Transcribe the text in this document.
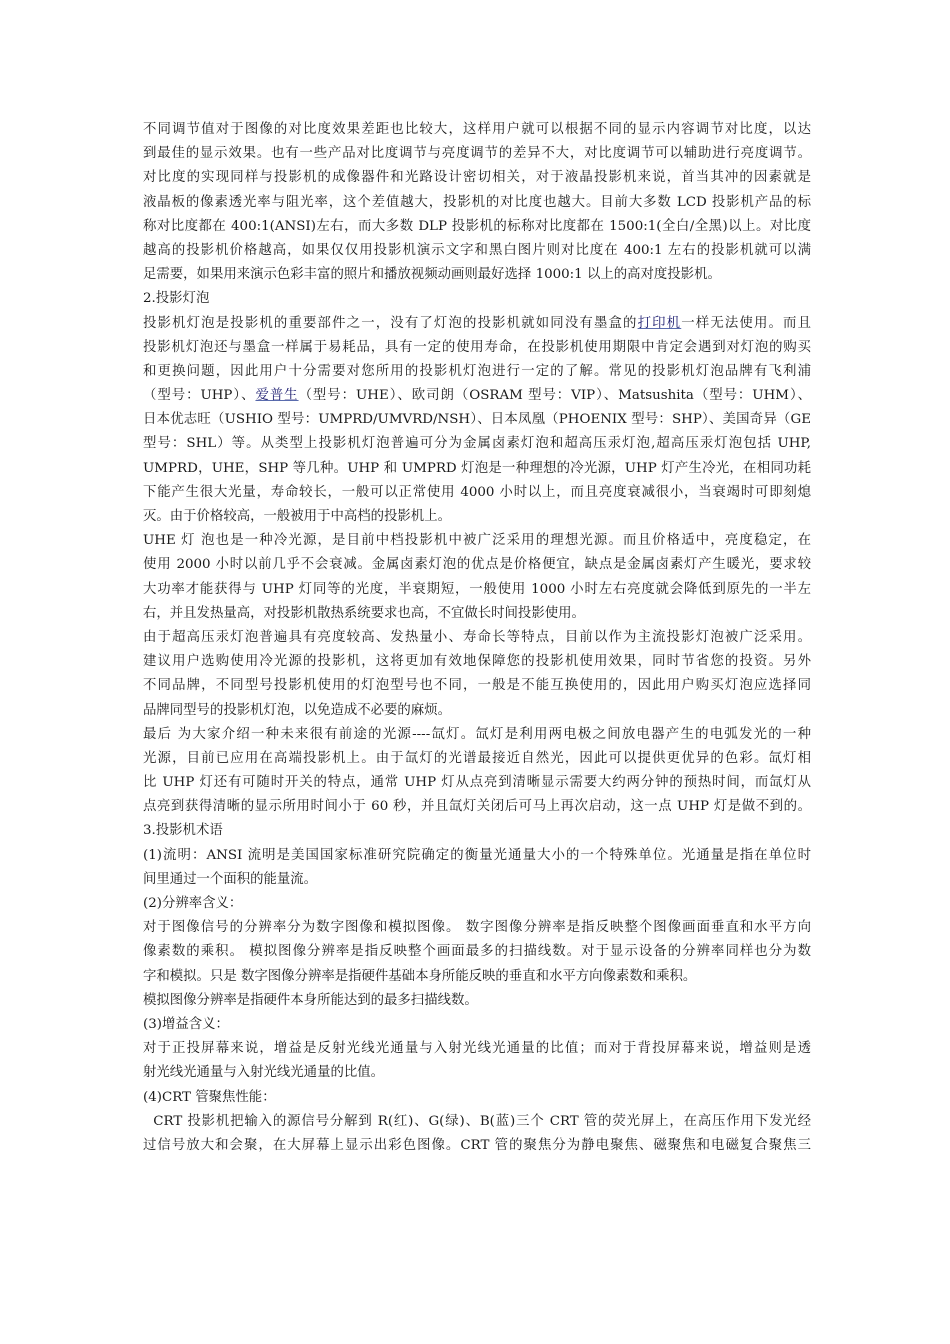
不同调节值对于图像的对比度效果差距也比较大，这样用户就可以根据不同的显示内容调节对比度，以达
到最佳的显示效果。也有一些产品对比度调节与亮度调节的差异不大，对比度调节可以辅助进行亮度调节。
对比度的实现同样与投影机的成像器件和光路设计密切相关，对于液晶投影机来说，首当其冲的因素就是
液晶板的像素透光率与阻光率，这个差值越大，投影机的对比度也越大。目前大多数 LCD 投影机产品的标
称对比度都在 400:1(ANSI)左右，而大多数 DLP 投影机的标称对比度都在 1500:1(全白/全黑)以上。对比度
越高的投影机价格越高，如果仅仅用投影机演示文字和黑白图片则对比度在 400:1 左右的投影机就可以满
足需要，如果用来演示色彩丰富的照片和播放视频动画则最好选择 1000:1 以上的高对度投影机。
2.投影灯泡
投影机灯泡是投影机的重要部件之一，没有了灯泡的投影机就如同没有墨盒的打印机一样无法使用。而且
投影机灯泡还与墨盒一样属于易耗品，具有一定的使用寿命，在投影机使用期限中肯定会遇到对灯泡的购买
和更换问题，因此用户十分需要对您所用的投影机灯泡进行一定的了解。常见的投影机灯泡品牌有飞利浦
（型号：UHP）、爱普生（型号：UHE）、欧司朗（OSRAM 型号：VIP）、Matsushita（型号：UHM）、
日本优志旺（USHIO 型号：UMPRD/UMVRD/NSH）、日本凤凰（PHOENIX 型号：SHP）、美国奇异（GE
型号：SHL）等。从类型上投影机灯泡普遍可分为金属卤素灯泡和超高压汞灯泡,超高压汞灯泡包括 UHP,
UMPRD，UHE，SHP 等几种。UHP 和 UMPRD 灯泡是一种理想的冷光源，UHP 灯产生冷光，在相同功耗
下能产生很大光量，寿命较长，一般可以正常使用 4000 小时以上，而且亮度衰减很小，当衰竭时可即刻熄
灭。由于价格较高，一般被用于中高档的投影机上。
UHE 灯 泡也是一种冷光源，是目前中档投影机中被广泛采用的理想光源。而且价格适中，亮度稳定，在
使用 2000 小时以前几乎不会衰减。金属卤素灯泡的优点是价格便宜，缺点是金属卤素灯产生暖光，要求较
大功率才能获得与 UHP 灯同等的光度，半衰期短，一般使用 1000 小时左右亮度就会降低到原先的一半左
右，并且发热量高，对投影机散热系统要求也高，不宜做长时间投影使用。
由于超高压汞灯泡普遍具有亮度较高、发热量小、寿命长等特点，目前以作为主流投影灯泡被广泛采用。
建议用户选购使用冷光源的投影机，这将更加有效地保障您的投影机使用效果，同时节省您的投资。另外
不同品牌，不同型号投影机使用的灯泡型号也不同，一般是不能互换使用的，因此用户购买灯泡应选择同
品牌同型号的投影机灯泡，以免造成不必要的麻烦。
最后 为大家介绍一种未来很有前途的光源----氙灯。氙灯是利用两电极之间放电器产生的电弧发光的一种
光源，目前已应用在高端投影机上。由于氙灯的光谱最接近自然光，因此可以提供更优异的色彩。氙灯相
比 UHP 灯还有可随时开关的特点，通常 UHP 灯从点亮到清晰显示需要大约两分钟的预热时间，而氙灯从
点亮到获得清晰的显示所用时间小于 60 秒，并且氙灯关闭后可马上再次启动，这一点 UHP 灯是做不到的。
3.投影机术语
(1)流明：ANSI 流明是美国国家标准研究院确定的衡量光通量大小的一个特殊单位。光通量是指在单位时
间里通过一个面积的能量流。
(2)分辨率含义：
对于图像信号的分辨率分为数字图像和模拟图像。 数字图像分辨率是指反映整个图像画面垂直和水平方向
像素数的乘积。 模拟图像分辨率是指反映整个画面最多的扫描线数。对于显示设备的分辨率同样也分为数
字和模拟。只是 数字图像分辨率是指硬件基础本身所能反映的垂直和水平方向像素数和乘积。
模拟图像分辨率是指硬件本身所能达到的最多扫描线数。
(3)增益含义：
对于正投屏幕来说，增益是反射光线光通量与入射光线光通量的比值；而对于背投屏幕来说，增益则是透
射光线光通量与入射光线光通量的比值。
(4)CRT 管聚焦性能：
CRT 投影机把输入的源信号分解到 R(红)、G(绿)、B(蓝)三个 CRT 管的荧光屏上，在高压作用下发光经
过信号放大和会聚，在大屏幕上显示出彩色图像。CRT 管的聚焦分为静电聚焦、磁聚焦和电磁复合聚焦三
